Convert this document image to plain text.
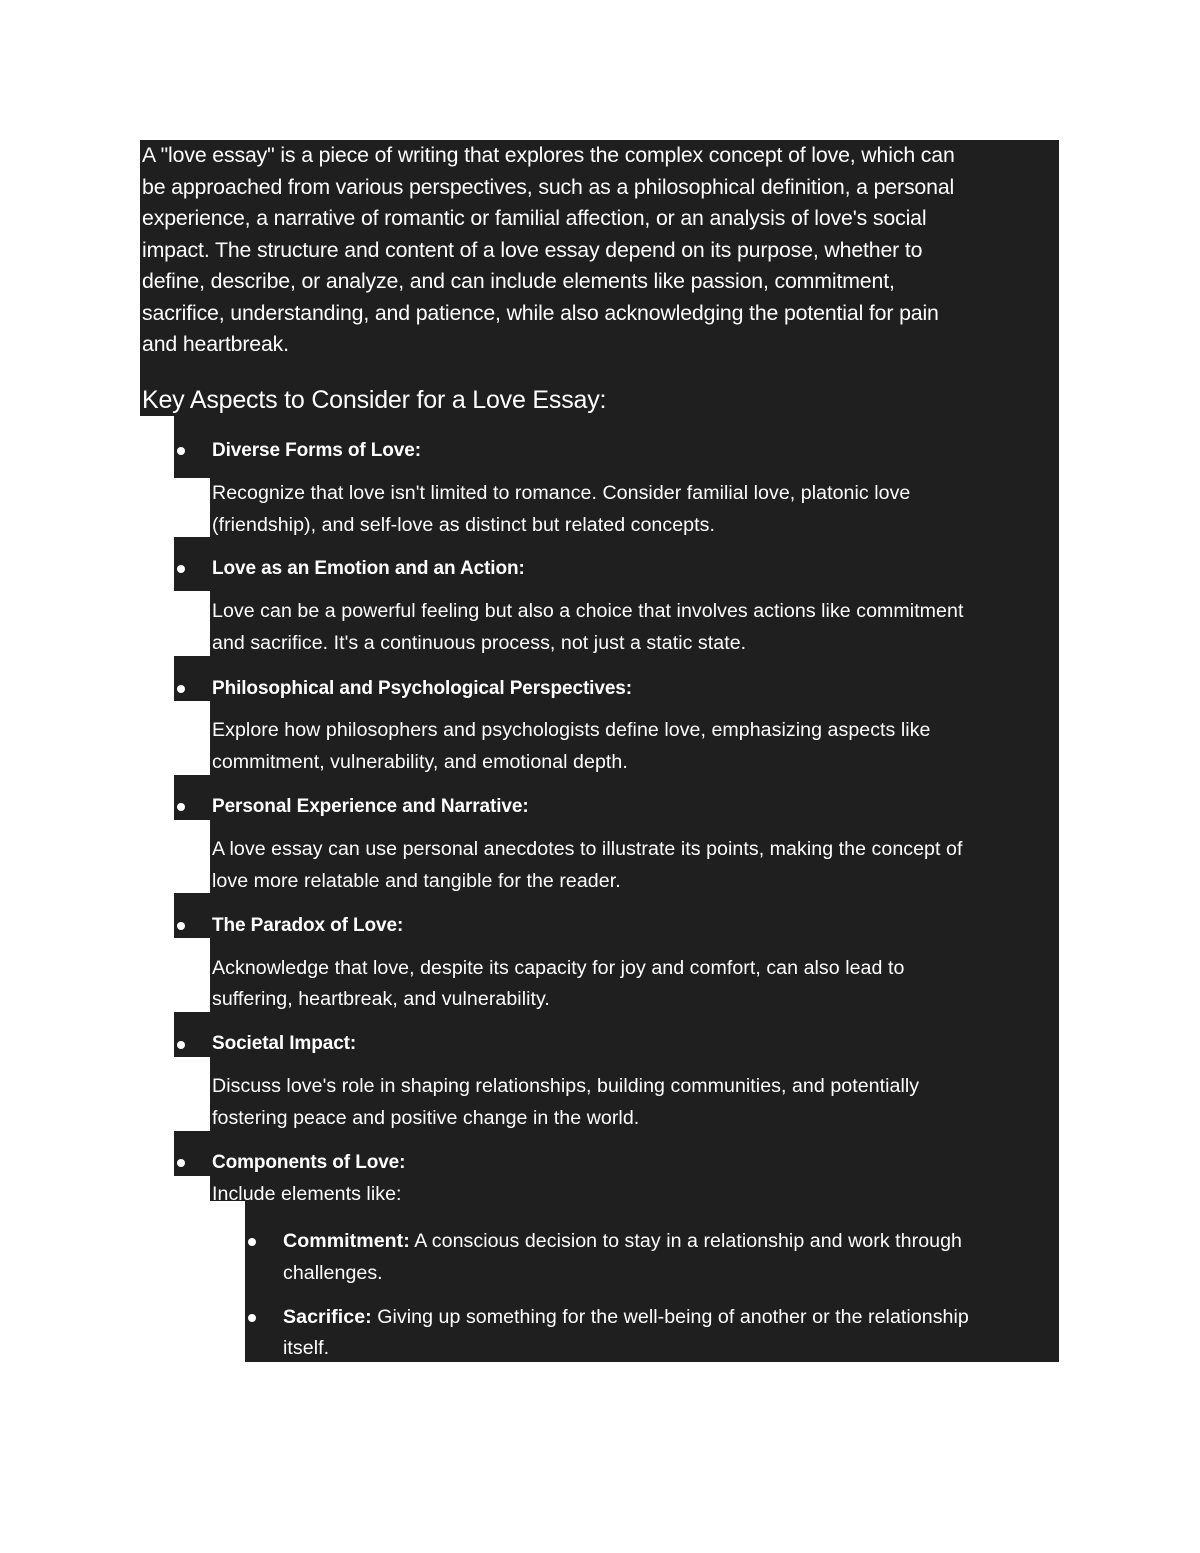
A "love essay" is a piece of writing that explores the complex concept of love, which can
be approached from various perspectives, such as a philosophical definition, a personal
experience, a narrative of romantic or familial affection, or an analysis of love's social
impact. The structure and content of a love essay depend on its purpose, whether to
define, describe, or analyze, and can include elements like passion, commitment,
sacrifice, understanding, and patience, while also acknowledging the potential for pain
and heartbreak.
Key Aspects to Consider for a Love Essay:
Diverse Forms of Love:
Recognize that love isn't limited to romance. Consider familial love, platonic love
(friendship), and self-love as distinct but related concepts.
Love as an Emotion and an Action:
Love can be a powerful feeling but also a choice that involves actions like commitment
and sacrifice. It's a continuous process, not just a static state.
Philosophical and Psychological Perspectives:
Explore how philosophers and psychologists define love, emphasizing aspects like
commitment, vulnerability, and emotional depth.
Personal Experience and Narrative:
A love essay can use personal anecdotes to illustrate its points, making the concept of
love more relatable and tangible for the reader.
The Paradox of Love:
Acknowledge that love, despite its capacity for joy and comfort, can also lead to
suffering, heartbreak, and vulnerability.
Societal Impact:
Discuss love's role in shaping relationships, building communities, and potentially
fostering peace and positive change in the world.
Components of Love:
Include elements like:
Commitment: A conscious decision to stay in a relationship and work through
challenges.
Sacrifice: Giving up something for the well-being of another or the relationship
itself.
